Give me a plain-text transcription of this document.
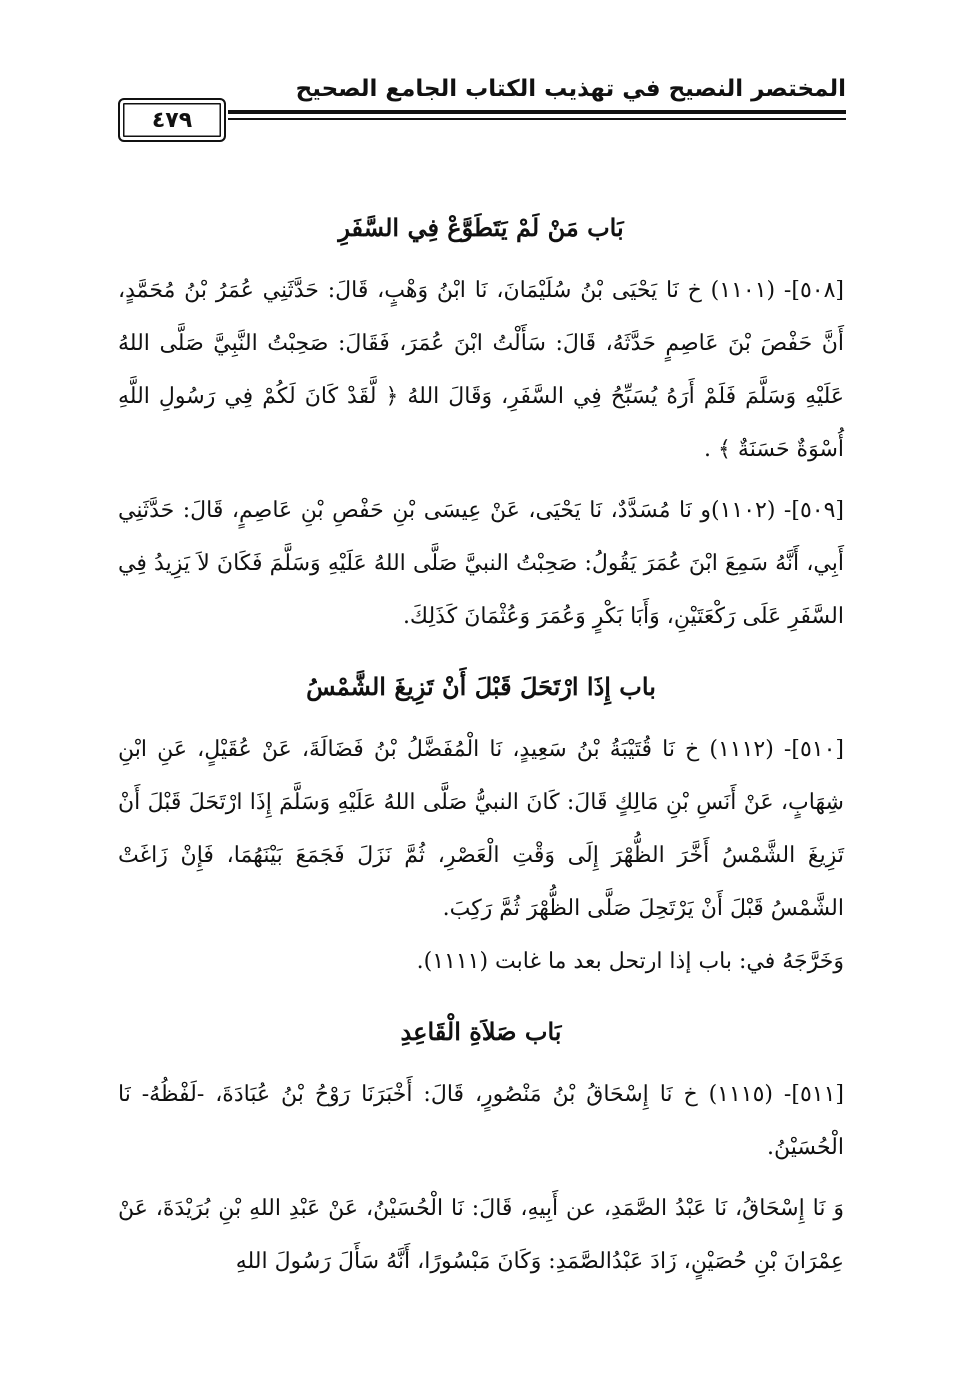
المختصر النصيح في تهذيب الكتاب الجامع الصحيح
٤٧٩
بَاب مَنْ لَمْ يَتَطَوَّعْ فِي السَّفَرِ

[٥٠٨]- (١١٠١) خ نَا يَحْيَى بْنُ سُلَيْمَانَ، نَا ابْنُ وَهْبٍ، قَالَ: حَدَّثَنِي عُمَرُ بْنُ مُحَمَّدٍ، أَنَّ حَفْصَ بْنَ عَاصِمٍ حَدَّثَهُ، قَالَ: سَأَلْتُ ابْنَ عُمَرَ، فَقَالَ: صَحِبْتُ النَّبِيَّ صَلَّى اللهُ عَلَيْهِ وَسَلَّمَ فَلَمْ أَرَهُ يُسَبِّحُ فِي السَّفَرِ، وَقَالَ اللهُ ﴿ لَّقَدْ كَانَ لَكُمْ فِي رَسُولِ اللَّهِ أُسْوَةٌ حَسَنَةٌ ﴾ .

[٥٠٩]- (١١٠٢)و نَا مُسَدَّدٌ، نَا يَحْيَى، عَنْ عِيسَى بْنِ حَفْصِ بْنِ عَاصِمٍ، قَالَ: حَدَّثَنِي أَبِي، أَنَّهُ سَمِعَ ابْنَ عُمَرَ يَقُولُ: صَحِبْتُ النبيَّ صَلَّى اللهُ عَلَيْهِ وَسَلَّمَ فَكَانَ لاَ يَزِيدُ فِي السَّفَرِ عَلَى رَكْعَتَيْنِ، وَأَبَا بَكْرٍ وَعُمَرَ وَعُثْمَانَ كَذَلِكَ.

باب إِذَا ارْتَحَلَ قَبْلَ أَنْ تَزِيغَ الشَّمْسُ

[٥١٠]- (١١١٢) خ نَا قُتَيْبَةُ بْنُ سَعِيدٍ، نَا الْمُفَضَّلُ بْنُ فَضَالَةَ، عَنْ عُقَيْلٍ، عَنِ ابْنِ شِهَابٍ، عَنْ أَنَسِ بْنِ مَالِكٍ قَالَ: كَانَ النبيُّ صَلَّى اللهُ عَلَيْهِ وَسَلَّمَ إِذَا ارْتَحَلَ قَبْلَ أَنْ تَزِيغَ الشَّمْسُ أَخَّرَ الظُّهْرَ إِلَى وَقْتِ الْعَصْرِ، ثُمَّ نَزَلَ فَجَمَعَ بَيْنَهُمَا، فَإِنْ زَاغَتْ الشَّمْسُ قَبْلَ أَنْ يَرْتَحِلَ صَلَّى الظُّهْرَ ثُمَّ رَكِبَ.

وَخَرَّجَهُ في: باب إذا ارتحل بعد ما غابت (١١١١).

بَاب صَلاَةِ الْقَاعِدِ

[٥١١]- (١١١٥) خ نَا إِسْحَاقُ بْنُ مَنْصُورٍ، قَالَ: أَخْبَرَنَا رَوْحُ بْنُ عُبَادَةَ، -لَفْظُهُ- نَا الْحُسَيْنُ.

وَ نَا إِسْحَاقُ، نَا عَبْدُ الصَّمَدِ، عن أَبِيهِ، قَالَ: نَا الْحُسَيْنُ، عَنْ عَبْدِ اللهِ بْنِ بُرَيْدَةَ، عَنْ عِمْرَانَ بْنِ حُصَيْنٍ، زَادَ عَبْدُالصَّمَدِ: وَكَانَ مَبْسُورًا، أَنَّهُ سَأَلَ رَسُولَ اللهِ
